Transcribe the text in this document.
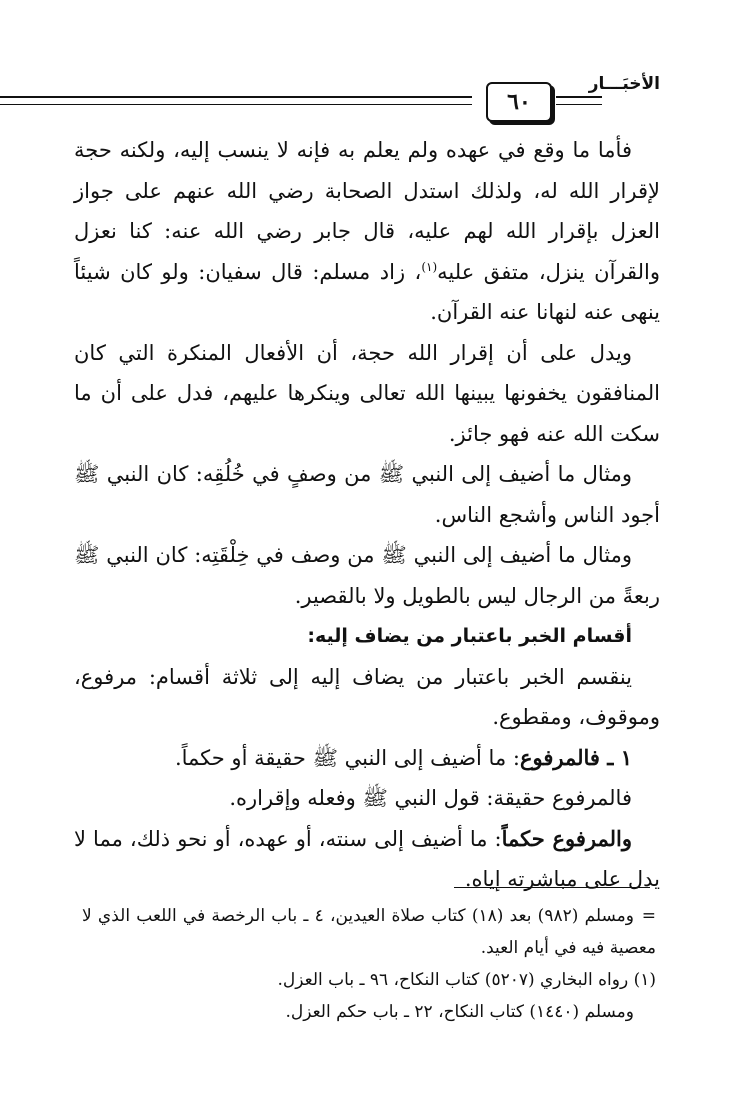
الأخبَـــار
٦٠

فأما ما وقع في عهده ولم يعلم به فإنه لا ينسب إليه، ولكنه حجة لإقرار الله له، ولذلك استدل الصحابة رضي الله عنهم على جواز العزل بإقرار الله لهم عليه، قال جابر رضي الله عنه: كنا نعزل والقرآن ينزل، متفق عليه$^{(١)}$، زاد مسلم: قال سفيان: ولو كان شيئاً ينهى عنه لنهانا عنه القرآن.

ويدل على أن إقرار الله حجة، أن الأفعال المنكرة التي كان المنافقون يخفونها يبينها الله تعالى وينكرها عليهم، فدل على أن ما سكت الله عنه فهو جائز.

ومثال ما أضيف إلى النبي ﷺ من وصفٍ في خُلُقِه: كان النبي ﷺ أجود الناس وأشجع الناس.

ومثال ما أضيف إلى النبي ﷺ من وصف في خِلْقَتِه: كان النبي ﷺ ربعةً من الرجال ليس بالطويل ولا بالقصير.

أقسام الخبر باعتبار من يضاف إليه:

ينقسم الخبر باعتبار من يضاف إليه إلى ثلاثة أقسام: مرفوع، وموقوف، ومقطوع.

١ ـ فالمرفوع: ما أضيف إلى النبي ﷺ حقيقة أو حكماً.

فالمرفوع حقيقة: قول النبي ﷺ وفعله وإقراره.

والمرفوع حكماً: ما أضيف إلى سنته، أو عهده، أو نحو ذلك، مما لا يدل على مباشرته إياه.

=ومسلم (٩٨٢) بعد (١٨) كتاب صلاة العيدين، ٤ ـ باب الرخصة في اللعب الذي لا معصية فيه في أيام العيد.

(١) رواه البخاري (٥٢٠٧) كتاب النكاح، ٩٦ ـ باب العزل.

ومسلم (١٤٤٠) كتاب النكاح، ٢٢ ـ باب حكم العزل.
